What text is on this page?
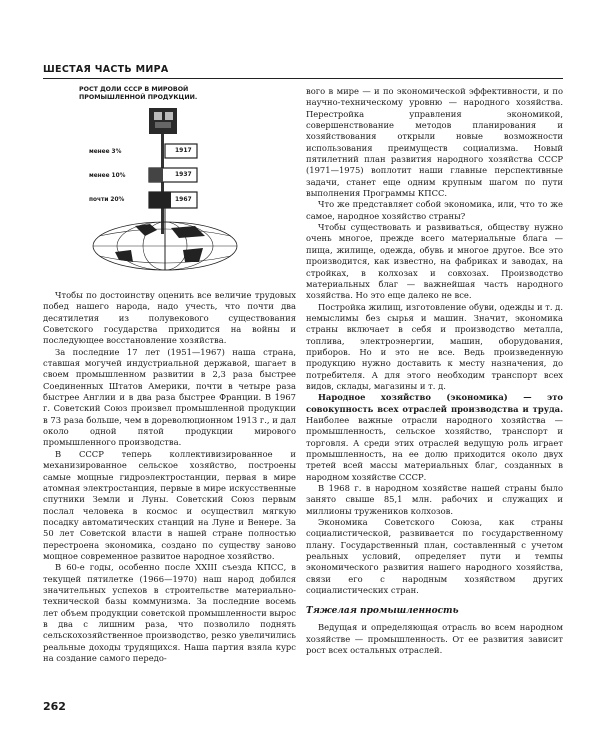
ШЕСТАЯ ЧАСТЬ МИРА

РОСТ ДОЛИ СССР В МИРОВОЙ ПРОМЫШЛЕННОЙ ПРОДУКЦИИ.

менее 3%	1917
менее 10%	1937
почти 20%	1967

Чтобы по достоинству оценить все величие трудовых побед нашего народа, надо учесть, что почти два десятилетия из полувекового существования Советского государства приходится на войны и последующее восстановление хозяйства.

За последние 17 лет (1951—1967) наша страна, ставшая могучей индустриальной державой, шагает в своем промышленном развитии в 2,3 раза быстрее Соединенных Штатов Америки, почти в четыре раза быстрее Англии и в два раза быстрее Франции. В 1967 г. Советский Союз произвел промышленной продукции в 73 раза больше, чем в дореволюционном 1913 г., и дал около одной пятой продукции мирового промышленного производства.

В СССР теперь коллективизированное и механизированное сельское хозяйство, построены самые мощные гидроэлектростанции, первая в мире атомная электростанция, первые в мире искусственные спутники Земли и Луны. Советский Союз первым послал человека в космос и осуществил мягкую посадку автоматических станций на Луне и Венере. За 50 лет Советской власти в нашей стране полностью перестроена экономика, создано по существу заново мощное современное развитое народное хозяйство.

В 60-е годы, особенно после XXIII съезда КПСС, в текущей пятилетке (1966—1970) наш народ добился значительных успехов в строительстве материально-технической базы коммунизма. За последние восемь лет объем продукции советской промышленности вырос в два с лишним раза, что позволило поднять сельскохозяйственное производство, резко увеличились реальные доходы трудящихся. Наша партия взяла курс на создание самого передо-

вого в мире — и по экономической эффективности, и по научно-техническому уровню — народного хозяйства. Перестройка управления экономикой, совершенствование методов планирования и хозяйствования открыли новые возможности использования преимуществ социализма. Новый пятилетний план развития народного хозяйства СССР (1971—1975) воплотит наши главные перспективные задачи, станет еще одним крупным шагом по пути выполнения Программы КПСС.

Что же представляет собой экономика, или, что то же самое, народное хозяйство страны?

Чтобы существовать и развиваться, обществу нужно очень многое, прежде всего материальные блага — пища, жилище, одежда, обувь и многое другое. Все это производится, как известно, на фабриках и заводах, на стройках, в колхозах и совхозах. Производство материальных благ — важнейшая часть народного хозяйства. Но это еще далеко не все.

Постройка жилищ, изготовление обуви, одежды и т. д. немыслимы без сырья и машин. Значит, экономика страны включает в себя и производство металла, топлива, электроэнергии, машин, оборудования, приборов. Но и это не все. Ведь произведенную продукцию нужно доставить к месту назначения, до потребителя. А для этого необходим транспорт всех видов, склады, магазины и т. д.

Народное хозяйство (экономика) — это совокупность всех отраслей производства и труда. Наиболее важные отрасли народного хозяйства — промышленность, сельское хозяйство, транспорт и торговля. А среди этих отраслей ведущую роль играет промышленность, на ее долю приходится около двух третей всей массы материальных благ, созданных в народном хозяйстве СССР.

В 1968 г. в народном хозяйстве нашей страны было занято свыше 85,1 млн. рабочих и служащих и миллионы тружеников колхозов.

Экономика Советского Союза, как страны социалистической, развивается по государственному плану. Государственный план, составленный с учетом реальных условий, определяет пути и темпы экономического развития нашего народного хозяйства, связи его с народным хозяйством других социалистических стран.

Тяжелая промышленность

Ведущая и определяющая отрасль во всем народном хозяйстве — промышленность. От ее развития зависит рост всех остальных отраслей.

262
